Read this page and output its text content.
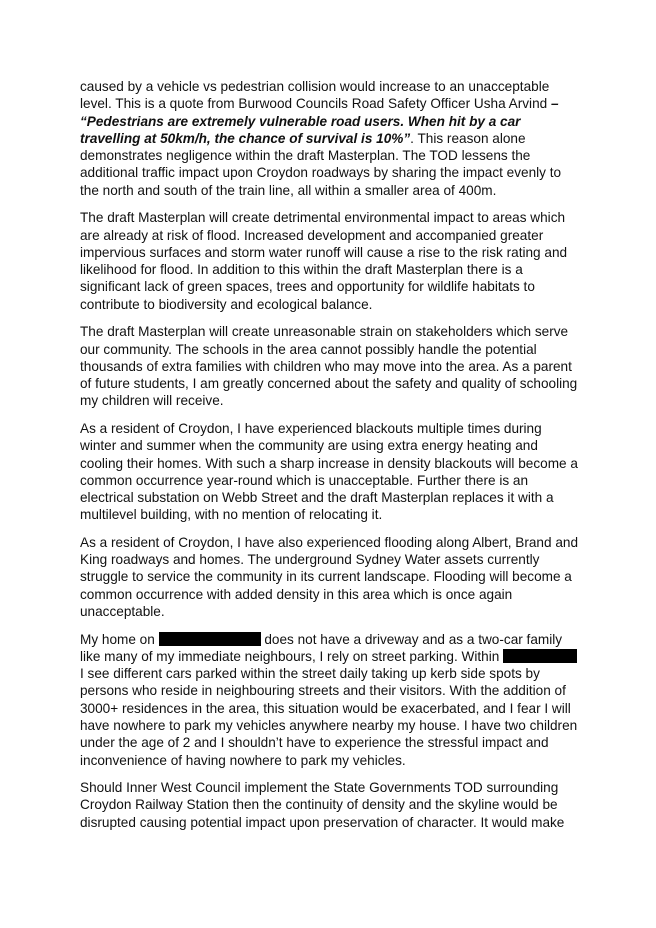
caused by a vehicle vs pedestrian collision would increase to an unacceptable level. This is a quote from Burwood Councils Road Safety Officer Usha Arvind – “Pedestrians are extremely vulnerable road users. When hit by a car travelling at 50km/h, the chance of survival is 10%”. This reason alone demonstrates negligence within the draft Masterplan. The TOD lessens the additional traffic impact upon Croydon roadways by sharing the impact evenly to the north and south of the train line, all within a smaller area of 400m.

The draft Masterplan will create detrimental environmental impact to areas which are already at risk of flood. Increased development and accompanied greater impervious surfaces and storm water runoff will cause a rise to the risk rating and likelihood for flood. In addition to this within the draft Masterplan there is a significant lack of green spaces, trees and opportunity for wildlife habitats to contribute to biodiversity and ecological balance.

The draft Masterplan will create unreasonable strain on stakeholders which serve our community. The schools in the area cannot possibly handle the potential thousands of extra families with children who may move into the area. As a parent of future students, I am greatly concerned about the safety and quality of schooling my children will receive.

As a resident of Croydon, I have experienced blackouts multiple times during winter and summer when the community are using extra energy heating and cooling their homes. With such a sharp increase in density blackouts will become a common occurrence year-round which is unacceptable. Further there is an electrical substation on Webb Street and the draft Masterplan replaces it with a multilevel building, with no mention of relocating it.

As a resident of Croydon, I have also experienced flooding along Albert, Brand and King roadways and homes. The underground Sydney Water assets currently struggle to service the community in its current landscape. Flooding will become a common occurrence with added density in this area which is once again unacceptable.

My home on	does not have a driveway and as a two-car family like many of my immediate neighbours, I rely on street parking. Within  I see different cars parked within the street daily taking up kerb side spots by persons who reside in neighbouring streets and their visitors. With the addition of 3000+ residences in the area, this situation would be exacerbated, and I fear I will have nowhere to park my vehicles anywhere nearby my house. I have two children under the age of 2 and I shouldn’t have to experience the stressful impact and inconvenience of having nowhere to park my vehicles.

Should Inner West Council implement the State Governments TOD surrounding Croydon Railway Station then the continuity of density and the skyline would be disrupted causing potential impact upon preservation of character. It would make
